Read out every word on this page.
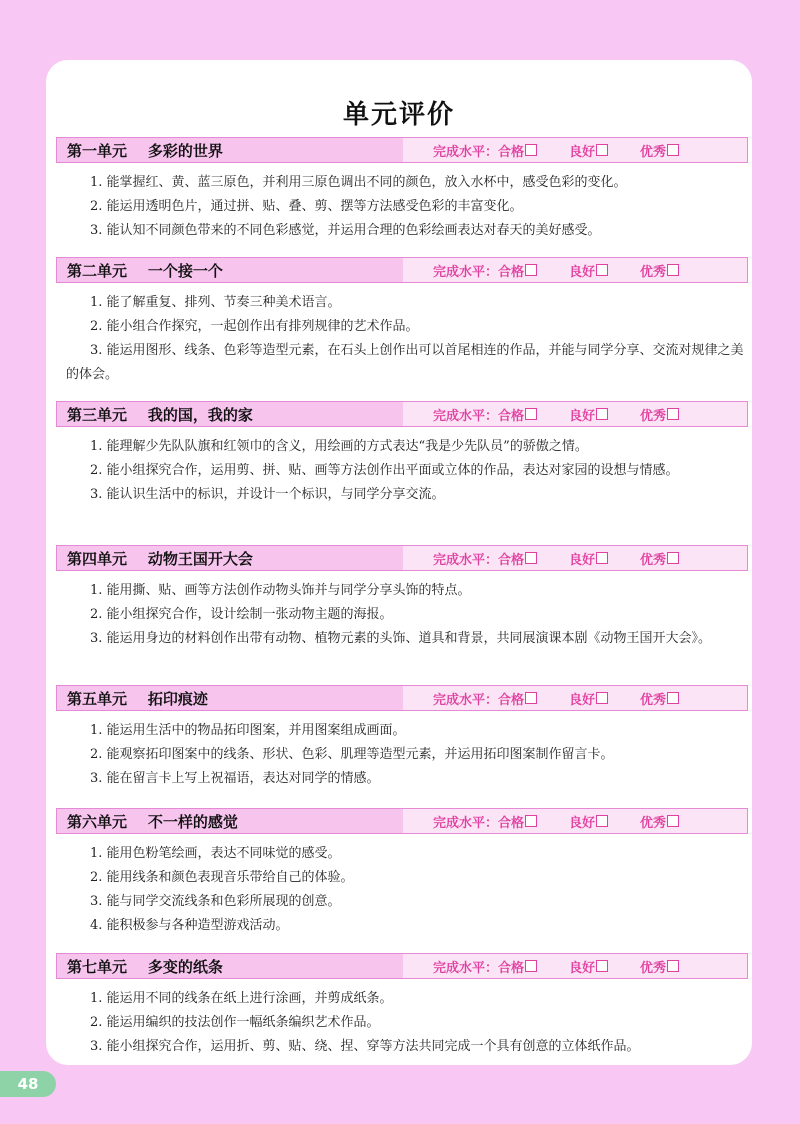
单元评价
第一单元    多彩的世界	完成水平：合格	良好	优秀
1. 能掌握红、黄、蓝三原色，并利用三原色调出不同的颜色，放入水杯中，感受色彩的变化。
2. 能运用透明色片，通过拼、贴、叠、剪、摆等方法感受色彩的丰富变化。
3. 能认知不同颜色带来的不同色彩感觉，并运用合理的色彩绘画表达对春天的美好感受。
第二单元    一个接一个	完成水平：合格	良好	优秀
1. 能了解重复、排列、节奏三种美术语言。
2. 能小组合作探究，一起创作出有排列规律的艺术作品。
3. 能运用图形、线条、色彩等造型元素，在石头上创作出可以首尾相连的作品，并能与同学分享、交流对规律之美的体会。
第三单元    我的国，我的家	完成水平：合格	良好	优秀
1. 能理解少先队队旗和红领巾的含义，用绘画的方式表达“我是少先队员”的骄傲之情。
2. 能小组探究合作，运用剪、拼、贴、画等方法创作出平面或立体的作品，表达对家园的设想与情感。
3. 能认识生活中的标识，并设计一个标识，与同学分享交流。
第四单元    动物王国开大会	完成水平：合格	良好	优秀
1. 能用撕、贴、画等方法创作动物头饰并与同学分享头饰的特点。
2. 能小组探究合作，设计绘制一张动物主题的海报。
3. 能运用身边的材料创作出带有动物、植物元素的头饰、道具和背景，共同展演课本剧《动物王国开大会》。
第五单元    拓印痕迹	完成水平：合格	良好	优秀
1. 能运用生活中的物品拓印图案，并用图案组成画面。
2. 能观察拓印图案中的线条、形状、色彩、肌理等造型元素，并运用拓印图案制作留言卡。
3. 能在留言卡上写上祝福语，表达对同学的情感。
第六单元    不一样的感觉	完成水平：合格	良好	优秀
1. 能用色粉笔绘画，表达不同味觉的感受。
2. 能用线条和颜色表现音乐带给自己的体验。
3. 能与同学交流线条和色彩所展现的创意。
4. 能积极参与各种造型游戏活动。
第七单元    多变的纸条	完成水平：合格	良好	优秀
1. 能运用不同的线条在纸上进行涂画，并剪成纸条。
2. 能运用编织的技法创作一幅纸条编织艺术作品。
3. 能小组探究合作，运用折、剪、贴、绕、捏、穿等方法共同完成一个具有创意的立体纸作品。
48
